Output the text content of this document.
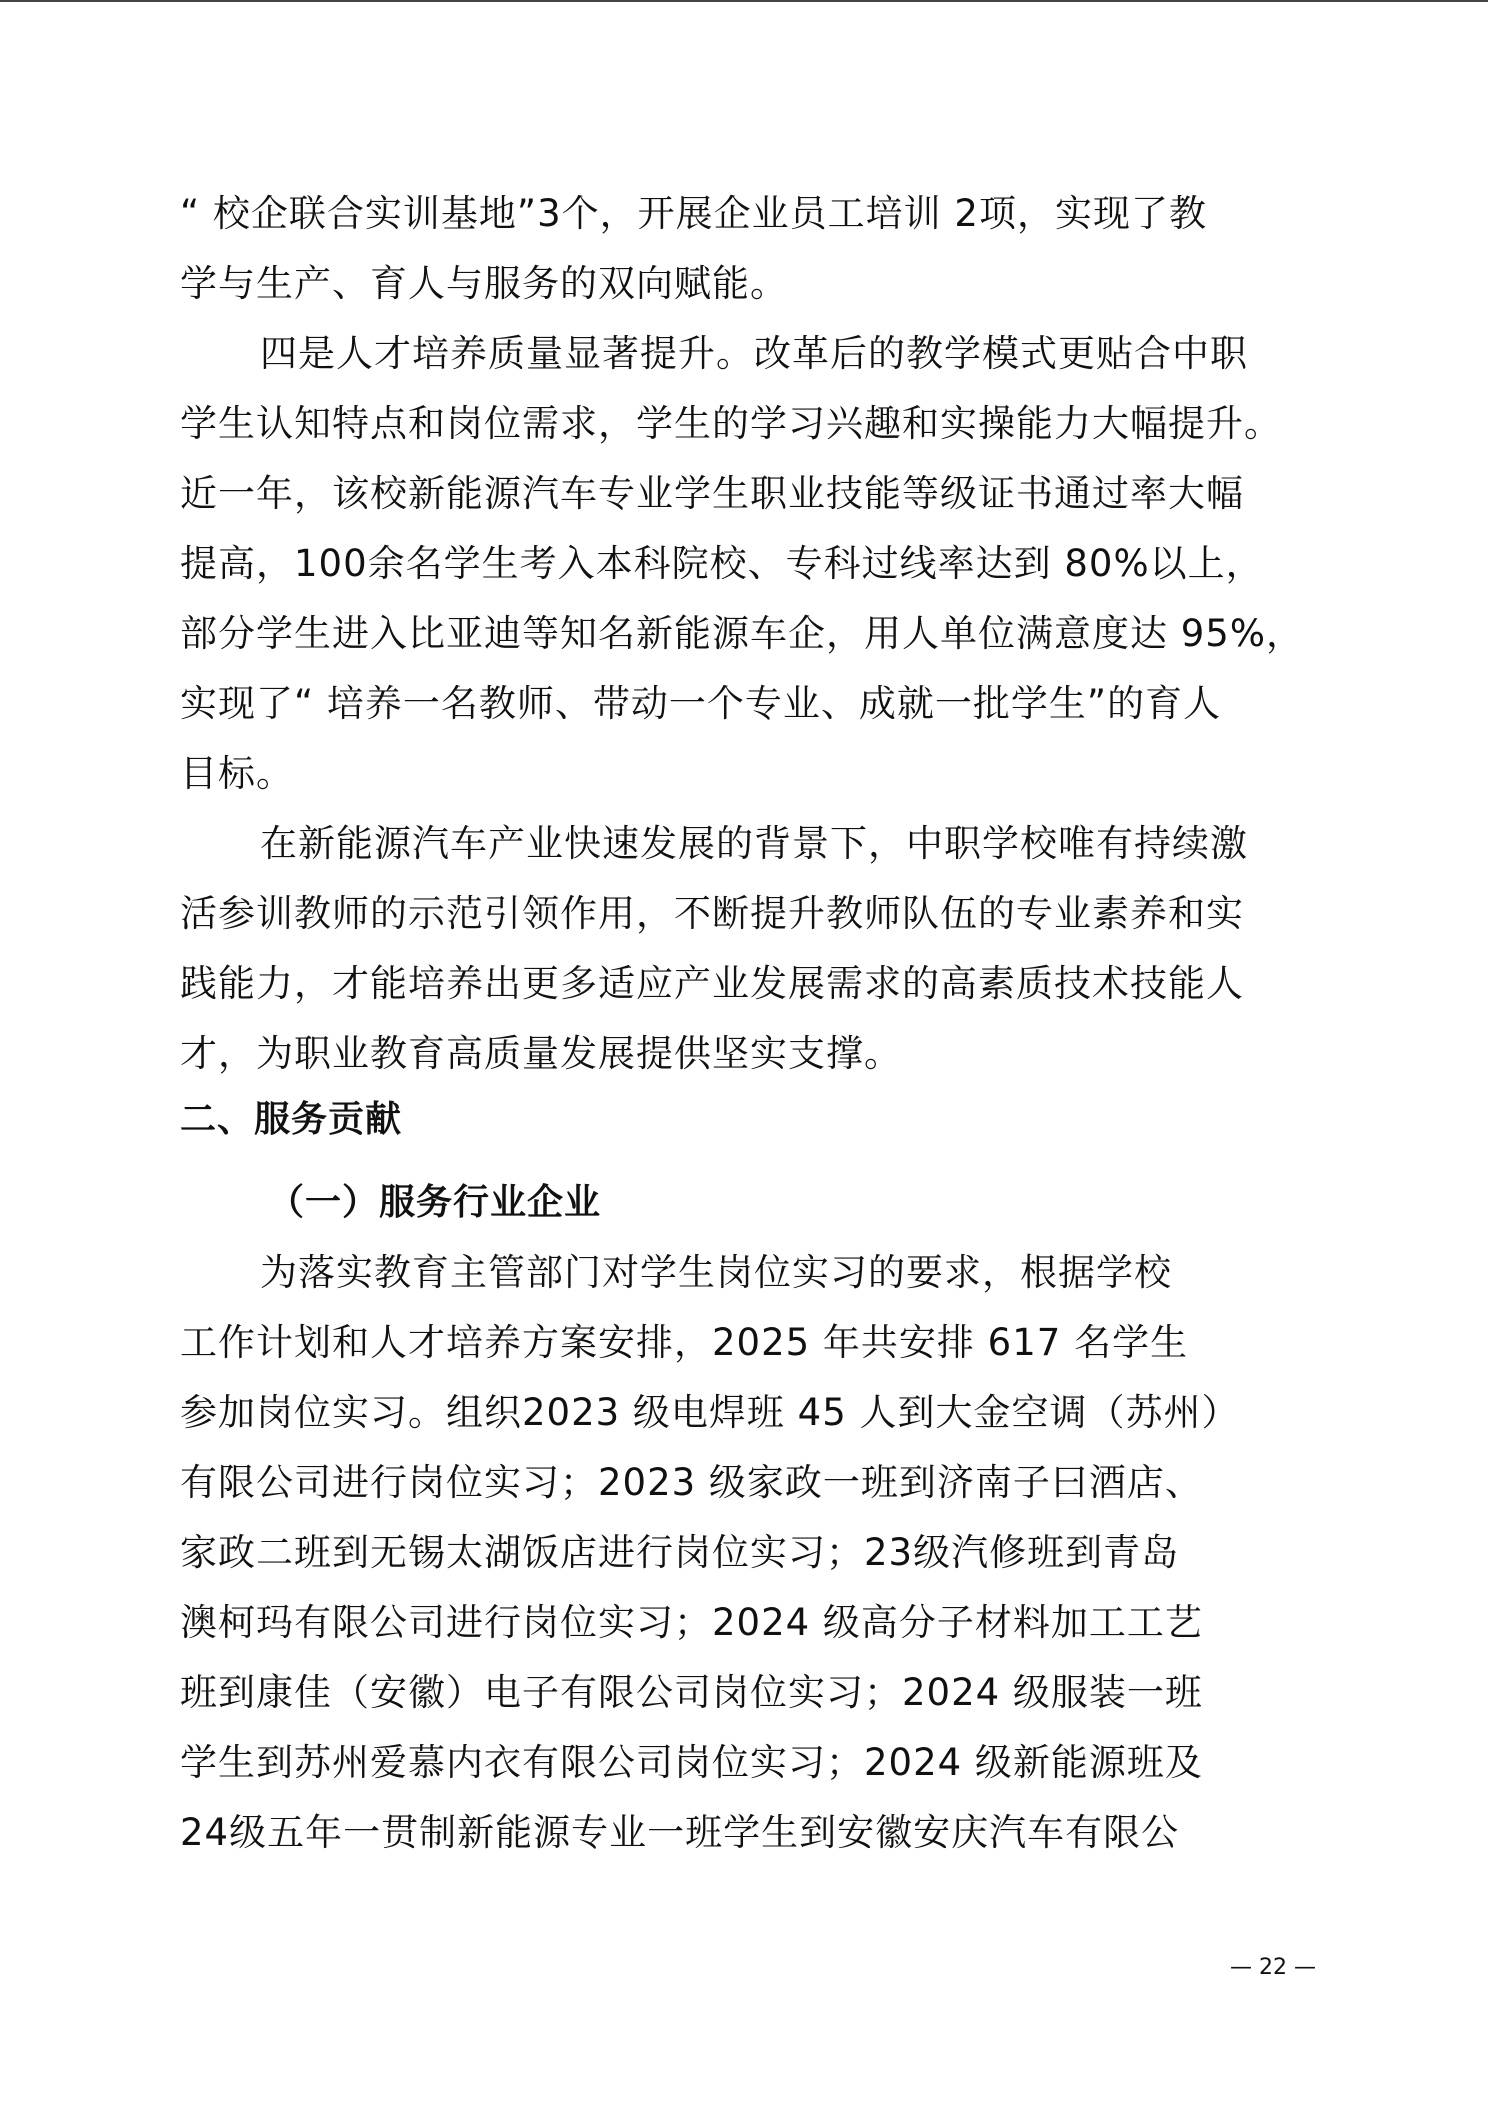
“ 校企联合实训基地”3个，开展企业员工培训 2项，实现了教

学与生产、育人与服务的双向赋能。

四是人才培养质量显著提升。改革后的教学模式更贴合中职

学生认知特点和岗位需求，学生的学习兴趣和实操能力大幅提升。

近一年，该校新能源汽车专业学生职业技能等级证书通过率大幅

提高，100余名学生考入本科院校、专科过线率达到 80%以上，

部分学生进入比亚迪等知名新能源车企，用人单位满意度达 95%，

实现了“ 培养一名教师、带动一个专业、成就一批学生”的育人

目标。

在新能源汽车产业快速发展的背景下，中职学校唯有持续激

活参训教师的示范引领作用，不断提升教师队伍的专业素养和实

践能力，才能培养出更多适应产业发展需求的高素质技术技能人

才，为职业教育高质量发展提供坚实支撑。

二、服务贡献
（一）服务行业企业

为落实教育主管部门对学生岗位实习的要求，根据学校

工作计划和人才培养方案安排，2025 年共安排 617 名学生

参加岗位实习。组织2023 级电焊班 45 人到大金空调（苏州）

有限公司进行岗位实习；2023 级家政一班到济南子曰酒店、

家政二班到无锡太湖饭店进行岗位实习；23级汽修班到青岛

澳柯玛有限公司进行岗位实习；2024 级高分子材料加工工艺

班到康佳（安徽）电子有限公司岗位实习；2024 级服装一班

学生到苏州爱慕内衣有限公司岗位实习；2024 级新能源班及

24级五年一贯制新能源专业一班学生到安徽安庆汽车有限公

— 22 —
